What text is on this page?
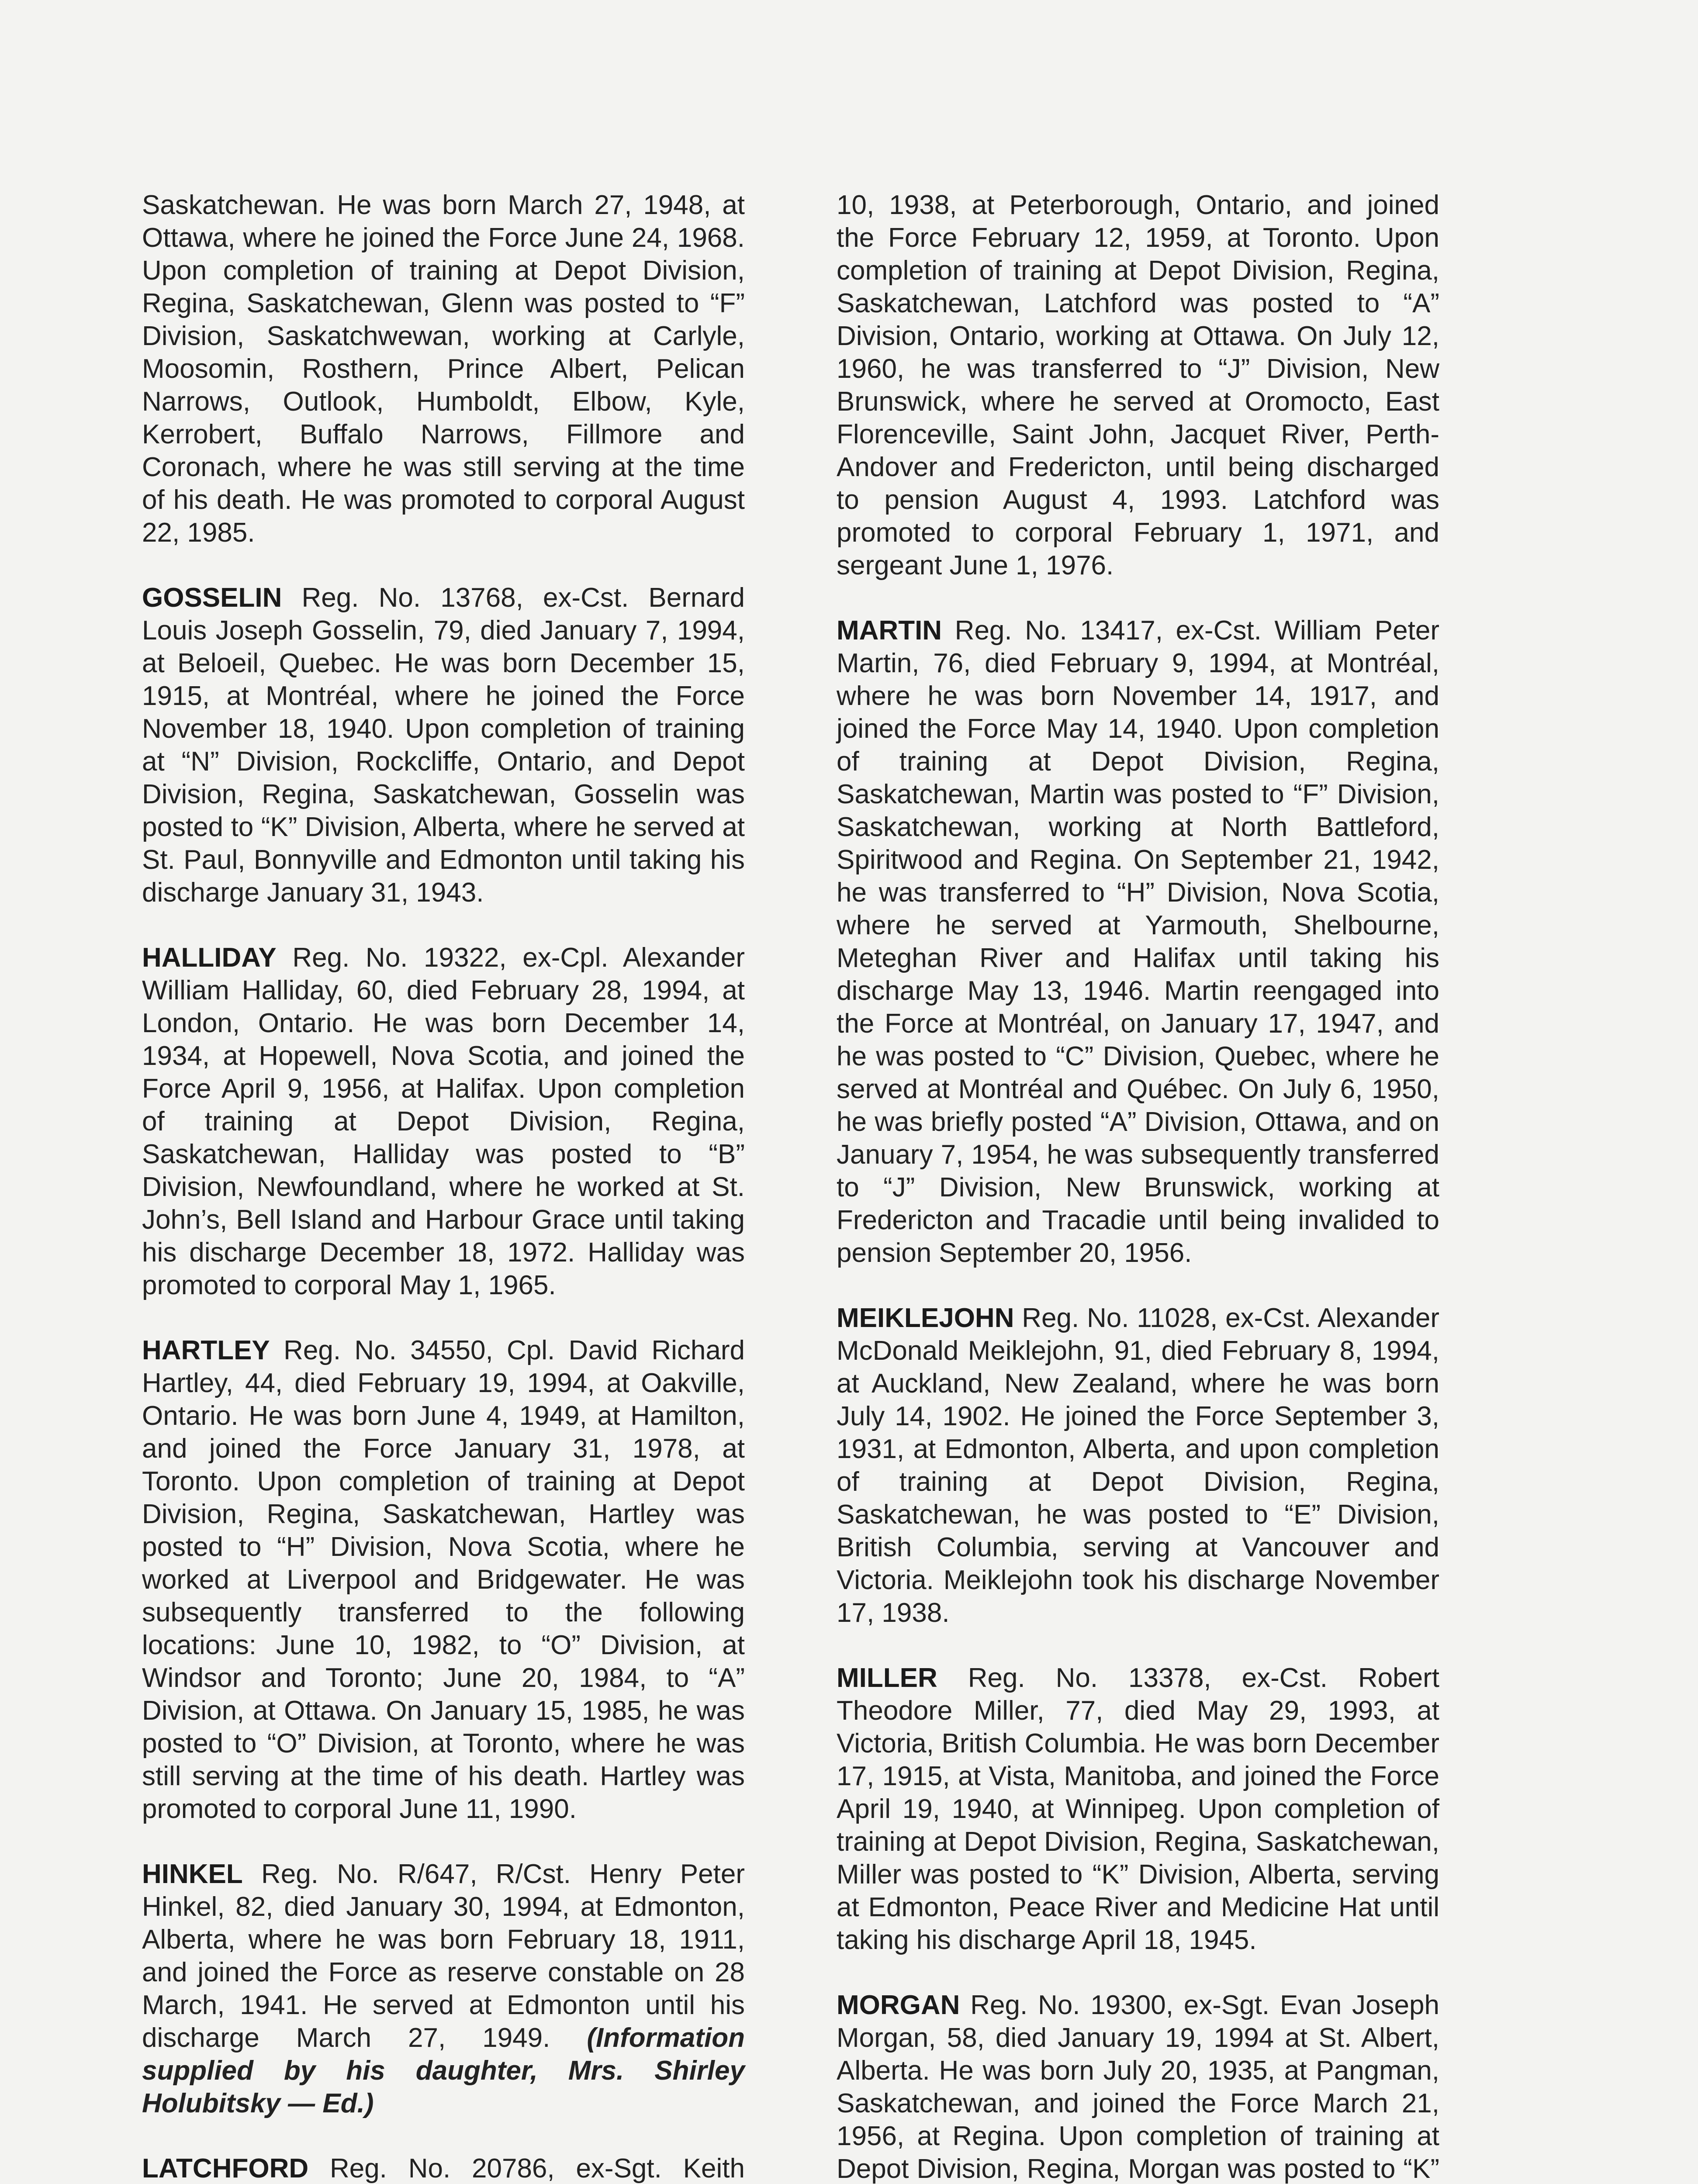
Saskatchewan. He was born March 27, 1948, at Ottawa, where he joined the Force June 24, 1968. Upon completion of training at Depot Division, Regina, Saskatchewan, Glenn was posted to “F” Division, Saskatchwewan, working at Carlyle, Moosomin, Rosthern, Prince Albert, Pelican Narrows, Outlook, Humboldt, Elbow, Kyle, Kerrobert, Buffalo Narrows, Fillmore and Coronach, where he was still serving at the time of his death. He was promoted to corporal August 22, 1985.

GOSSELIN Reg. No. 13768, ex-Cst. Bernard Louis Joseph Gosselin, 79, died January 7, 1994, at Beloeil, Quebec. He was born December 15, 1915, at Montréal, where he joined the Force November 18, 1940. Upon completion of training at “N” Division, Rockcliffe, Ontario, and Depot Division, Regina, Saskatchewan, Gosselin was posted to “K” Division, Alberta, where he served at St. Paul, Bonnyville and Edmonton until taking his discharge January 31, 1943.

HALLIDAY Reg. No. 19322, ex-Cpl. Alexander William Halliday, 60, died February 28, 1994, at London, Ontario. He was born December 14, 1934, at Hopewell, Nova Scotia, and joined the Force April 9, 1956, at Halifax. Upon completion of training at Depot Division, Regina, Saskatchewan, Halliday was posted to “B” Division, Newfoundland, where he worked at St. John’s, Bell Island and Harbour Grace until taking his discharge December 18, 1972. Halliday was promoted to corporal May 1, 1965.

HARTLEY Reg. No. 34550, Cpl. David Richard Hartley, 44, died February 19, 1994, at Oakville, Ontario. He was born June 4, 1949, at Hamilton, and joined the Force January 31, 1978, at Toronto. Upon completion of training at Depot Division, Regina, Saskatchewan, Hartley was posted to “H” Division, Nova Scotia, where he worked at Liverpool and Bridgewater. He was subsequently transferred to the following locations: June 10, 1982, to “O” Division, at Windsor and Toronto; June 20, 1984, to “A” Division, at Ottawa. On January 15, 1985, he was posted to “O” Division, at Toronto, where he was still serving at the time of his death. Hartley was promoted to corporal June 11, 1990.

HINKEL Reg. No. R/647, R/Cst. Henry Peter Hinkel, 82, died January 30, 1994, at Edmonton, Alberta, where he was born February 18, 1911, and joined the Force as reserve constable on 28 March, 1941. He served at Edmonton until his discharge March 27, 1949. (Information supplied by his daughter, Mrs. Shirley Holubitsky — Ed.)

LATCHFORD Reg. No. 20786, ex-Sgt. Keith

10, 1938, at Peterborough, Ontario, and joined the Force February 12, 1959, at Toronto. Upon completion of training at Depot Division, Regina, Saskatchewan, Latchford was posted to “A” Division, Ontario, working at Ottawa. On July 12, 1960, he was transferred to “J” Division, New Brunswick, where he served at Oromocto, East Florenceville, Saint John, Jacquet River, Perth-Andover and Fredericton, until being discharged to pension August 4, 1993. Latchford was promoted to corporal February 1, 1971, and sergeant June 1, 1976.

MARTIN Reg. No. 13417, ex-Cst. William Peter Martin, 76, died February 9, 1994, at Montréal, where he was born November 14, 1917, and joined the Force May 14, 1940. Upon completion of training at Depot Division, Regina, Saskatchewan, Martin was posted to “F” Division, Saskatchewan, working at North Battleford, Spiritwood and Regina. On September 21, 1942, he was transferred to “H” Division, Nova Scotia, where he served at Yarmouth, Shelbourne, Meteghan River and Halifax until taking his discharge May 13, 1946. Martin reengaged into the Force at Montréal, on January 17, 1947, and he was posted to “C” Division, Quebec, where he served at Montréal and Québec. On July 6, 1950, he was briefly posted “A” Division, Ottawa, and on January 7, 1954, he was subsequently transferred to “J” Division, New Brunswick, working at Fredericton and Tracadie until being invalided to pension September 20, 1956.

MEIKLEJOHN Reg. No. 11028, ex-Cst. Alexander McDonald Meiklejohn, 91, died February 8, 1994, at Auckland, New Zealand, where he was born July 14, 1902. He joined the Force September 3, 1931, at Edmonton, Alberta, and upon completion of training at Depot Division, Regina, Saskatchewan, he was posted to “E” Division, British Columbia, serving at Vancouver and Victoria. Meiklejohn took his discharge November 17, 1938.

MILLER Reg. No. 13378, ex-Cst. Robert Theodore Miller, 77, died May 29, 1993, at Victoria, British Columbia. He was born December 17, 1915, at Vista, Manitoba, and joined the Force April 19, 1940, at Winnipeg. Upon completion of training at Depot Division, Regina, Saskatchewan, Miller was posted to “K” Division, Alberta, serving at Edmonton, Peace River and Medicine Hat until taking his discharge April 18, 1945.

MORGAN Reg. No. 19300, ex-Sgt. Evan Joseph Morgan, 58, died January 19, 1994 at St. Albert, Alberta. He was born July 20, 1935, at Pangman, Saskatchewan, and joined the Force March 21, 1956, at Regina. Upon completion of training at Depot Division, Regina, Morgan was posted to “K”
